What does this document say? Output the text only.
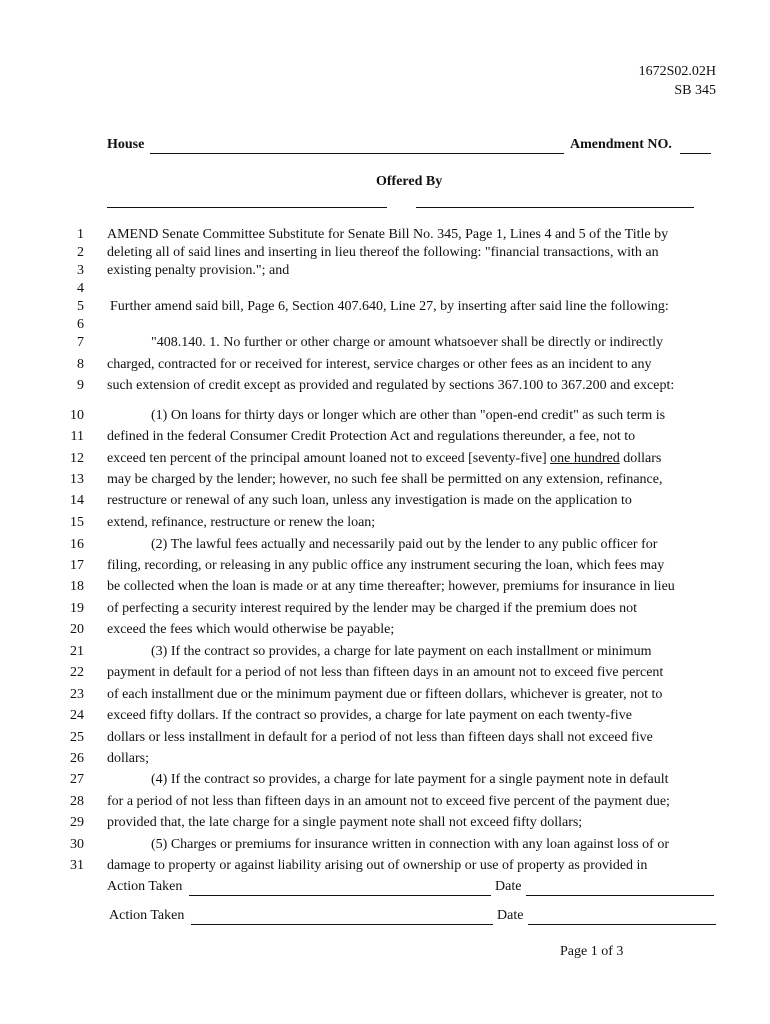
1672S02.02H
SB 345
House	Amendment NO.
Offered By
1
2
3
4
5
6
7
8
9
10
11
12
13
14
15
16
17
18
19
20
21
22
23
24
25
26
27
28
29
30
31
AMEND Senate Committee Substitute for Senate Bill No. 345, Page 1, Lines 4 and 5 of the Title by
deleting all of said lines and inserting in lieu thereof the following: "financial transactions, with an
existing penalty provision."; and
Further amend said bill, Page 6, Section 407.640, Line 27, by inserting after said line the following:
"408.140. 1. No further or other charge or amount whatsoever shall be directly or indirectly
charged, contracted for or received for interest, service charges or other fees as an incident to any
such extension of credit except as provided and regulated by sections 367.100 to 367.200 and except:
(1) On loans for thirty days or longer which are other than "open-end credit" as such term is
defined in the federal Consumer Credit Protection Act and regulations thereunder, a fee, not to
exceed ten percent of the principal amount loaned not to exceed [seventy-five] one hundred dollars
may be charged by the lender; however, no such fee shall be permitted on any extension, refinance,
restructure or renewal of any such loan, unless any investigation is made on the application to
extend, refinance, restructure or renew the loan;
(2) The lawful fees actually and necessarily paid out by the lender to any public officer for
filing, recording, or releasing in any public office any instrument securing the loan, which fees may
be collected when the loan is made or at any time thereafter; however, premiums for insurance in lieu
of perfecting a security interest required by the lender may be charged if the premium does not
exceed the fees which would otherwise be payable;
(3) If the contract so provides, a charge for late payment on each installment or minimum
payment in default for a period of not less than fifteen days in an amount not to exceed five percent
of each installment due or the minimum payment due or fifteen dollars, whichever is greater, not to
exceed fifty dollars. If the contract so provides, a charge for late payment on each twenty-five
dollars or less installment in default for a period of not less than fifteen days shall not exceed five
dollars;
(4) If the contract so provides, a charge for late payment for a single payment note in default
for a period of not less than fifteen days in an amount not to exceed five percent of the payment due;
provided that, the late charge for a single payment note shall not exceed fifty dollars;
(5) Charges or premiums for insurance written in connection with any loan against loss of or
damage to property or against liability arising out of ownership or use of property as provided in
Action Taken	Date
Action Taken	Date
Page 1 of 3
